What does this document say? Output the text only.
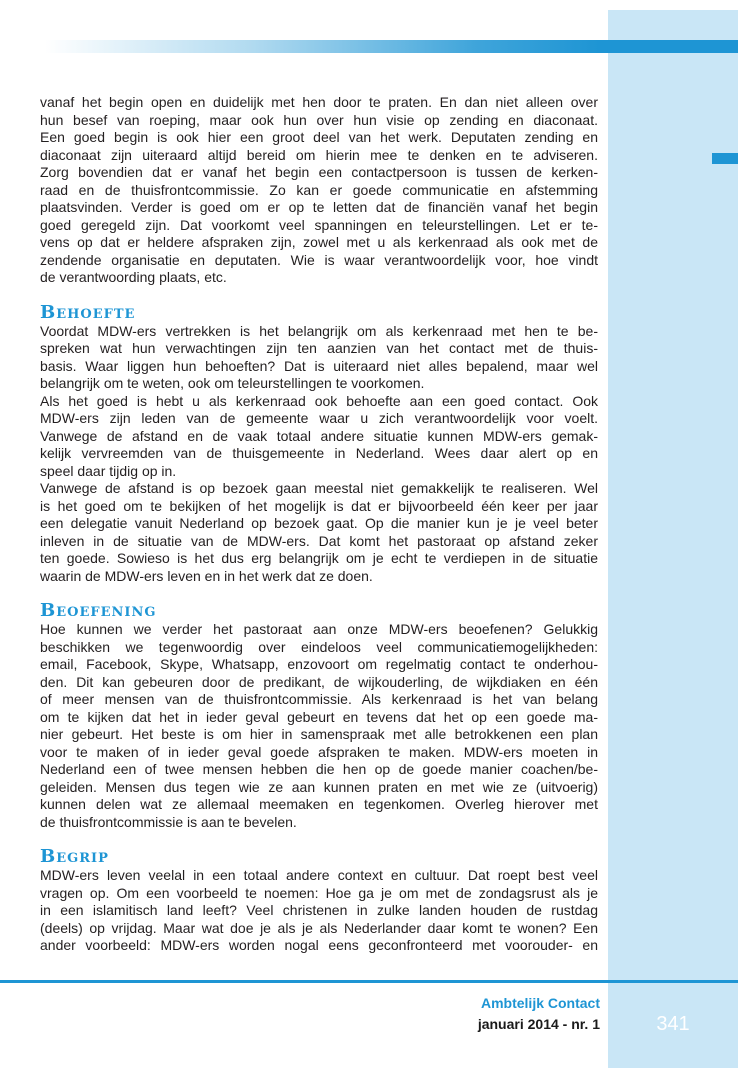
vanaf het begin open en duidelijk met hen door te praten. En dan niet alleen over
hun besef van roeping, maar ook hun over hun visie op zending en diaconaat.
Een goed begin is ook hier een groot deel van het werk. Deputaten zending en
diaconaat zijn uiteraard altijd bereid om hierin mee te denken en te adviseren.
Zorg bovendien dat er vanaf het begin een contactpersoon is tussen de kerken-
raad en de thuisfrontcommissie. Zo kan er goede communicatie en afstemming
plaatsvinden. Verder is goed om er op te letten dat de financiën vanaf het begin
goed geregeld zijn. Dat voorkomt veel spanningen en teleurstellingen. Let er te-
vens op dat er heldere afspraken zijn, zowel met u als kerkenraad als ook met de
zendende organisatie en deputaten. Wie is waar verantwoordelijk voor, hoe vindt
de verantwoording plaats, etc.
Behoefte
Voordat MDW-ers vertrekken is het belangrijk om als kerkenraad met hen te be-
spreken wat hun verwachtingen zijn ten aanzien van het contact met de thuis-
basis. Waar liggen hun behoeften? Dat is uiteraard niet alles bepalend, maar wel
belangrijk om te weten, ook om teleurstellingen te voorkomen.
Als het goed is hebt u als kerkenraad ook behoefte aan een goed contact. Ook
MDW-ers zijn leden van de gemeente waar u zich verantwoordelijk voor voelt.
Vanwege de afstand en de vaak totaal andere situatie kunnen MDW-ers gemak-
kelijk vervreemden van de thuisgemeente in Nederland. Wees daar alert op en
speel daar tijdig op in.
Vanwege de afstand is op bezoek gaan meestal niet gemakkelijk te realiseren. Wel
is het goed om te bekijken of het mogelijk is dat er bijvoorbeeld één keer per jaar
een delegatie vanuit Nederland op bezoek gaat. Op die manier kun je je veel beter
inleven in de situatie van de MDW-ers. Dat komt het pastoraat op afstand zeker
ten goede. Sowieso is het dus erg belangrijk om je echt te verdiepen in de situatie
waarin de MDW-ers leven en in het werk dat ze doen.
Beoefening
Hoe kunnen we verder het pastoraat aan onze MDW-ers beoefenen? Gelukkig
beschikken we tegenwoordig over eindeloos veel communicatiemogelijkheden:
email, Facebook, Skype, Whatsapp, enzovoort om regelmatig contact te onderhou-
den. Dit kan gebeuren door de predikant, de wijkouderling, de wijkdiaken en één
of meer mensen van de thuisfrontcommissie. Als kerkenraad is het van belang
om te kijken dat het in ieder geval gebeurt en tevens dat het op een goede ma-
nier gebeurt. Het beste is om hier in samenspraak met alle betrokkenen een plan
voor te maken of in ieder geval goede afspraken te maken. MDW-ers moeten in
Nederland een of twee mensen hebben die hen op de goede manier coachen/be-
geleiden. Mensen dus tegen wie ze aan kunnen praten en met wie ze (uitvoerig)
kunnen delen wat ze allemaal meemaken en tegenkomen. Overleg hierover met
de thuisfrontcommissie is aan te bevelen.
Begrip
MDW-ers leven veelal in een totaal andere context en cultuur. Dat roept best veel
vragen op. Om een voorbeeld te noemen: Hoe ga je om met de zondagsrust als je
in een islamitisch land leeft? Veel christenen in zulke landen houden de rustdag
(deels) op vrijdag. Maar wat doe je als je als Nederlander daar komt te wonen? Een
ander voorbeeld: MDW-ers worden nogal eens geconfronteerd met voorouder- en
Ambtelijk Contact
januari 2014 - nr. 1	341
